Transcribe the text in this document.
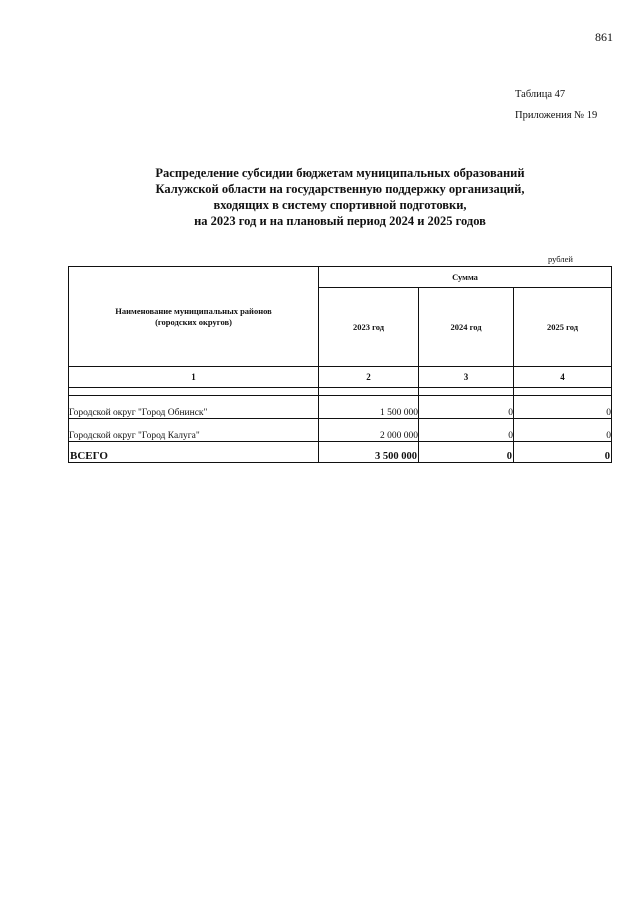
861
Таблица 47
Приложения № 19
Распределение субсидии бюджетам муниципальных образований
Калужской области на государственную поддержку организаций,
входящих в систему спортивной подготовки,
на 2023 год и на плановый период 2024 и 2025 годов
рублей
Наименование муниципальных районов
(городских округов)	Сумма		
	2023 год	2024 год	2025 год
1	2	3	4

Городской округ "Город Обнинск"	1 500 000	0	0
Городской округ "Город Калуга"	2 000 000	0	0
ВСЕГО	3 500 000	0	0
